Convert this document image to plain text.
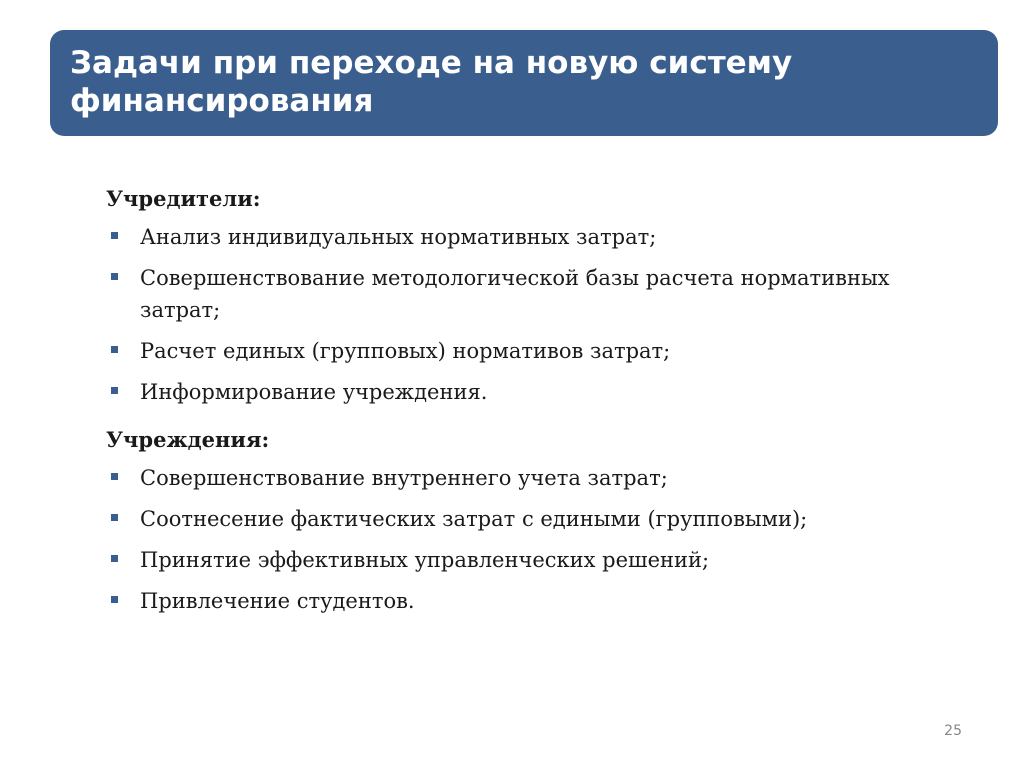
Задачи при переходе на новую систему финансирования

Учредители:

Анализ индивидуальных нормативных затрат;
Совершенствование методологической базы расчета нормативных затрат;
Расчет единых (групповых) нормативов затрат;
Информирование учреждения.

Учреждения:

Совершенствование внутреннего учета затрат;
Соотнесение фактических затрат с едиными (групповыми);
Принятие эффективных управленческих решений;
Привлечение студентов.
25
